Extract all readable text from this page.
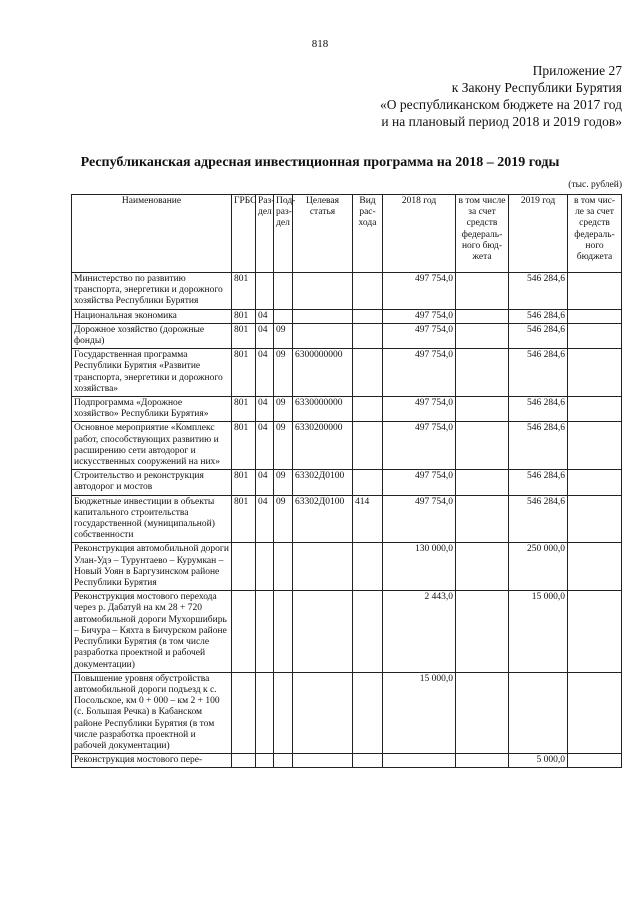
818
Приложение 27
к Закону Республики Бурятия
«О республиканском бюджете на 2017 год
и на плановый период 2018 и 2019 годов»
Республиканская адресная инвестиционная программа на 2018 – 2019 годы
(тыс. рублей)
Наименование	ГРБС	Раз-дел	Под-раз-дел	Целевая статья	Вид рас-хода	2018 год	в том числе за счет средств федераль-ного бюд-жета	2019 год	в том чис-ле за счет средств федераль-ного бюджета
Министерство по развитию транспорта, энергетики и дорожного хозяйства Республики Бурятия	801					497 754,0		546 284,6	
Национальная экономика	801	04				497 754,0		546 284,6	
Дорожное хозяйство (дорожные фонды)	801	04	09			497 754,0		546 284,6	
Государственная программа Республики Бурятия «Развитие транспорта, энергетики и дорожного хозяйства»	801	04	09	6300000000		497 754,0		546 284,6	
Подпрограмма «Дорожное хозяйство» Республики Бурятия»	801	04	09	6330000000		497 754,0		546 284,6	
Основное мероприятие «Комплекс работ, способствующих развитию и расширению сети автодорог и искусственных сооружений на них»	801	04	09	6330200000		497 754,0		546 284,6	
Строительство и реконструкция автодорог и мостов	801	04	09	63302Д0100		497 754,0		546 284,6	
Бюджетные инвестиции в объекты капитального строительства государственной (муниципальной) собственности	801	04	09	63302Д0100	414	497 754,0		546 284,6	
Реконструкция автомобильной дороги Улан-Удэ – Турунтаево – Курумкан – Новый Уоян в Баргузинском районе Республики Бурятия						130 000,0		250 000,0	
Реконструкция мостового перехода через р. Дабатуй на км 28 + 720 автомобильной дороги Мухоршибирь – Бичура – Кяхта в Бичурском районе Республики Бурятия (в том числе разработка проектной и рабочей документации)						2 443,0		15 000,0	
Повышение уровня обустройства автомобильной дороги подъезд к с. Посольское, км 0 + 000 – км 2 + 100 (с. Большая Речка) в Кабанском районе Республики Бурятия (в том числе разработка проектной и рабочей документации)						15 000,0			
Реконструкция мостового пере-								5 000,0	
